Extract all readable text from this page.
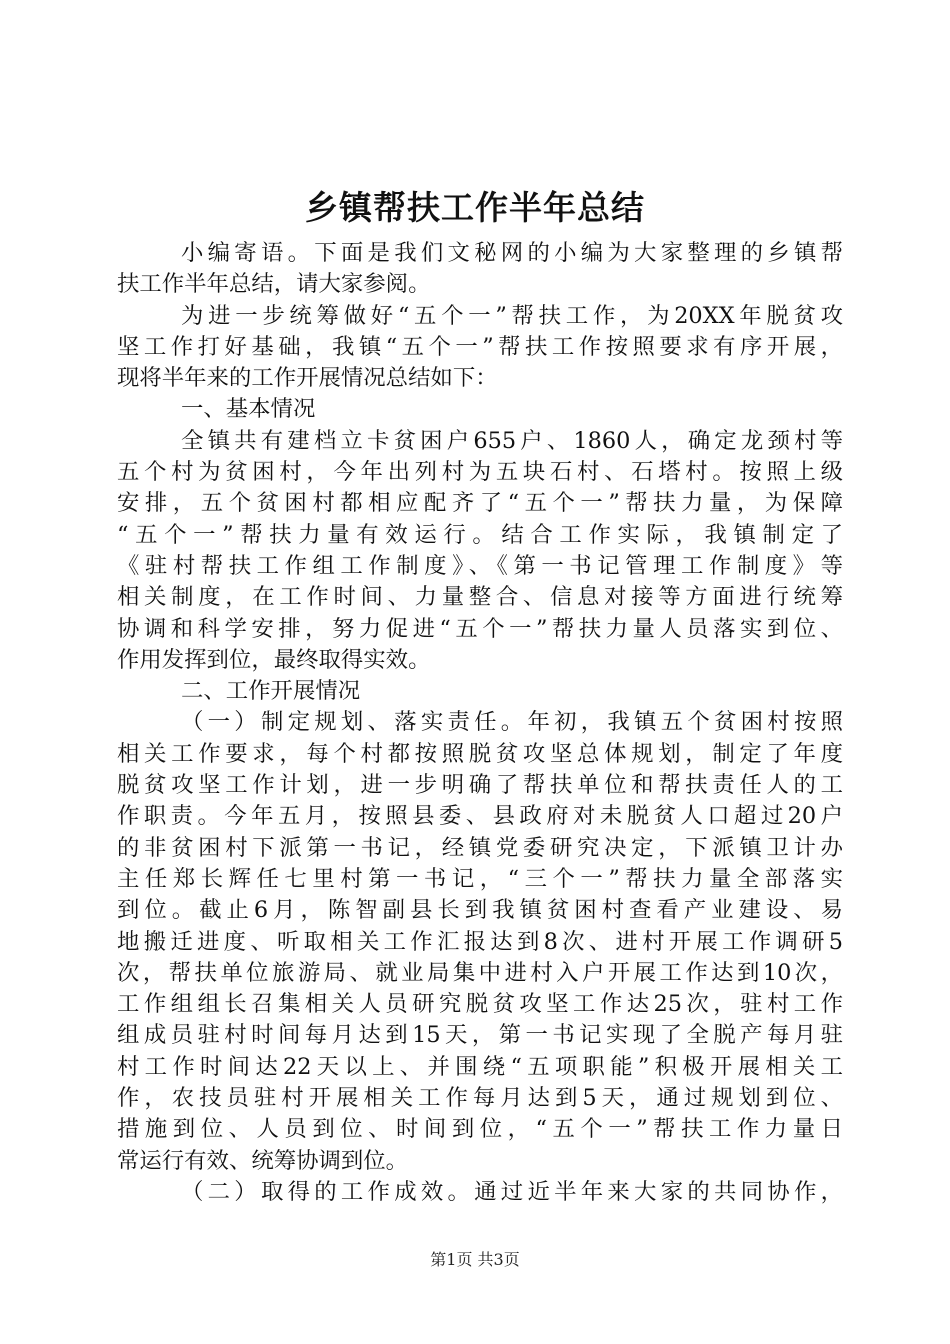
乡镇帮扶工作半年总结
小编寄语。下面是我们文秘网的小编为大家整理的乡镇帮
扶工作半年总结，请大家参阅。
为进一步统筹做好“五个一”帮扶工作，为20XX年脱贫攻
坚工作打好基础，我镇“五个一”帮扶工作按照要求有序开展，
现将半年来的工作开展情况总结如下：
一、基本情况
全镇共有建档立卡贫困户655户、1860人，确定龙颈村等
五个村为贫困村，今年出列村为五块石村、石塔村。按照上级
安排，五个贫困村都相应配齐了“五个一”帮扶力量，为保障
“五个一”帮扶力量有效运行。结合工作实际，我镇制定了
《驻村帮扶工作组工作制度》、《第一书记管理工作制度》等
相关制度，在工作时间、力量整合、信息对接等方面进行统筹
协调和科学安排，努力促进“五个一”帮扶力量人员落实到位、
作用发挥到位，最终取得实效。
二、工作开展情况
（一）制定规划、落实责任。年初，我镇五个贫困村按照
相关工作要求，每个村都按照脱贫攻坚总体规划，制定了年度
脱贫攻坚工作计划，进一步明确了帮扶单位和帮扶责任人的工
作职责。今年五月，按照县委、县政府对未脱贫人口超过20户
的非贫困村下派第一书记，经镇党委研究决定，下派镇卫计办
主任郑长辉任七里村第一书记，“三个一”帮扶力量全部落实
到位。截止6月，陈智副县长到我镇贫困村查看产业建设、易
地搬迁进度、听取相关工作汇报达到8次、进村开展工作调研5
次，帮扶单位旅游局、就业局集中进村入户开展工作达到10次，
工作组组长召集相关人员研究脱贫攻坚工作达25次，驻村工作
组成员驻村时间每月达到15天，第一书记实现了全脱产每月驻
村工作时间达22天以上、并围绕“五项职能”积极开展相关工
作，农技员驻村开展相关工作每月达到5天，通过规划到位、
措施到位、人员到位、时间到位，“五个一”帮扶工作力量日
常运行有效、统筹协调到位。
（二）取得的工作成效。通过近半年来大家的共同协作，
第1页 共3页
